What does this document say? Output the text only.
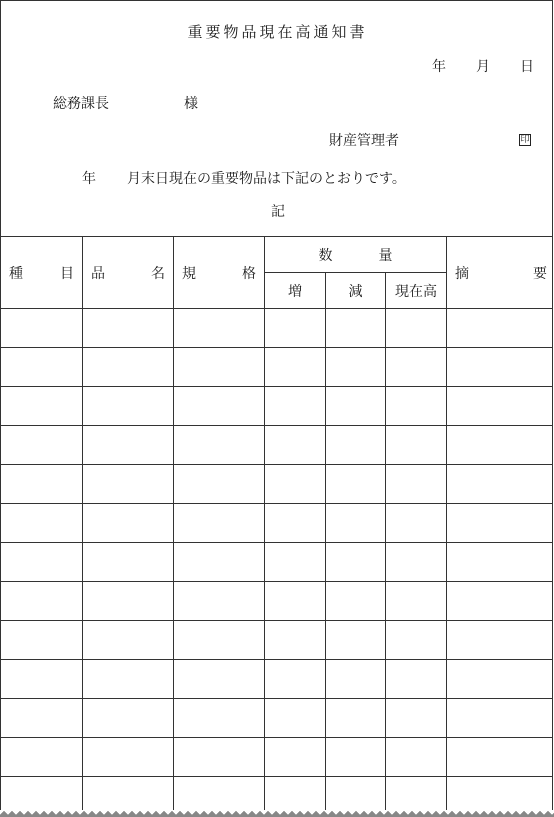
重要物品現在高通知書
年 月 日
総務課長	様
財産管理者	印
年 月末日現在の重要物品は下記のとおりです。
記
種 目	品 名	規 格	数 量			摘 要

			増	減	現在高	
